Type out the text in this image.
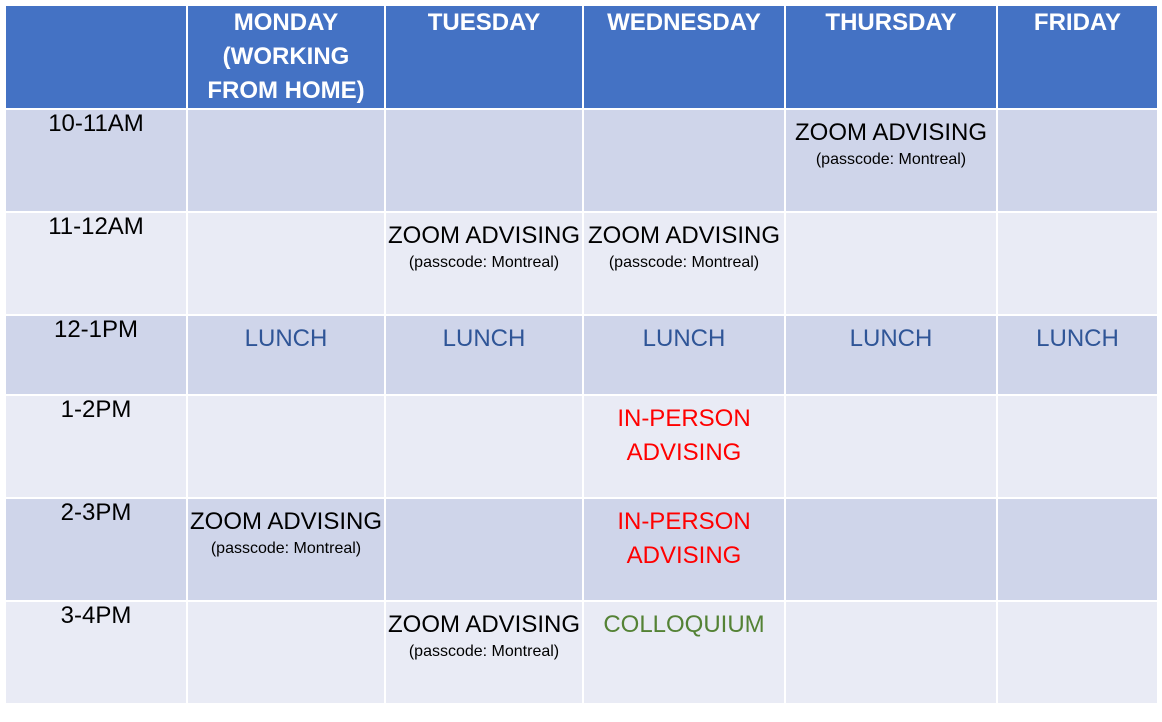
	MONDAY (WORKING FROM HOME)	TUESDAY	WEDNESDAY	THURSDAY	FRIDAY
10-11AM				ZOOM ADVISING
(passcode: Montreal)	

11-12AM		ZOOM ADVISING
(passcode: Montreal)	ZOOM ADVISING
(passcode: Montreal)		

12-1PM	LUNCH	LUNCH	LUNCH	LUNCH	LUNCH

1-2PM			IN-PERSON ADVISING		

2-3PM	ZOOM ADVISING
(passcode: Montreal)		IN-PERSON ADVISING		

3-4PM		ZOOM ADVISING
(passcode: Montreal)	COLLOQUIUM		
